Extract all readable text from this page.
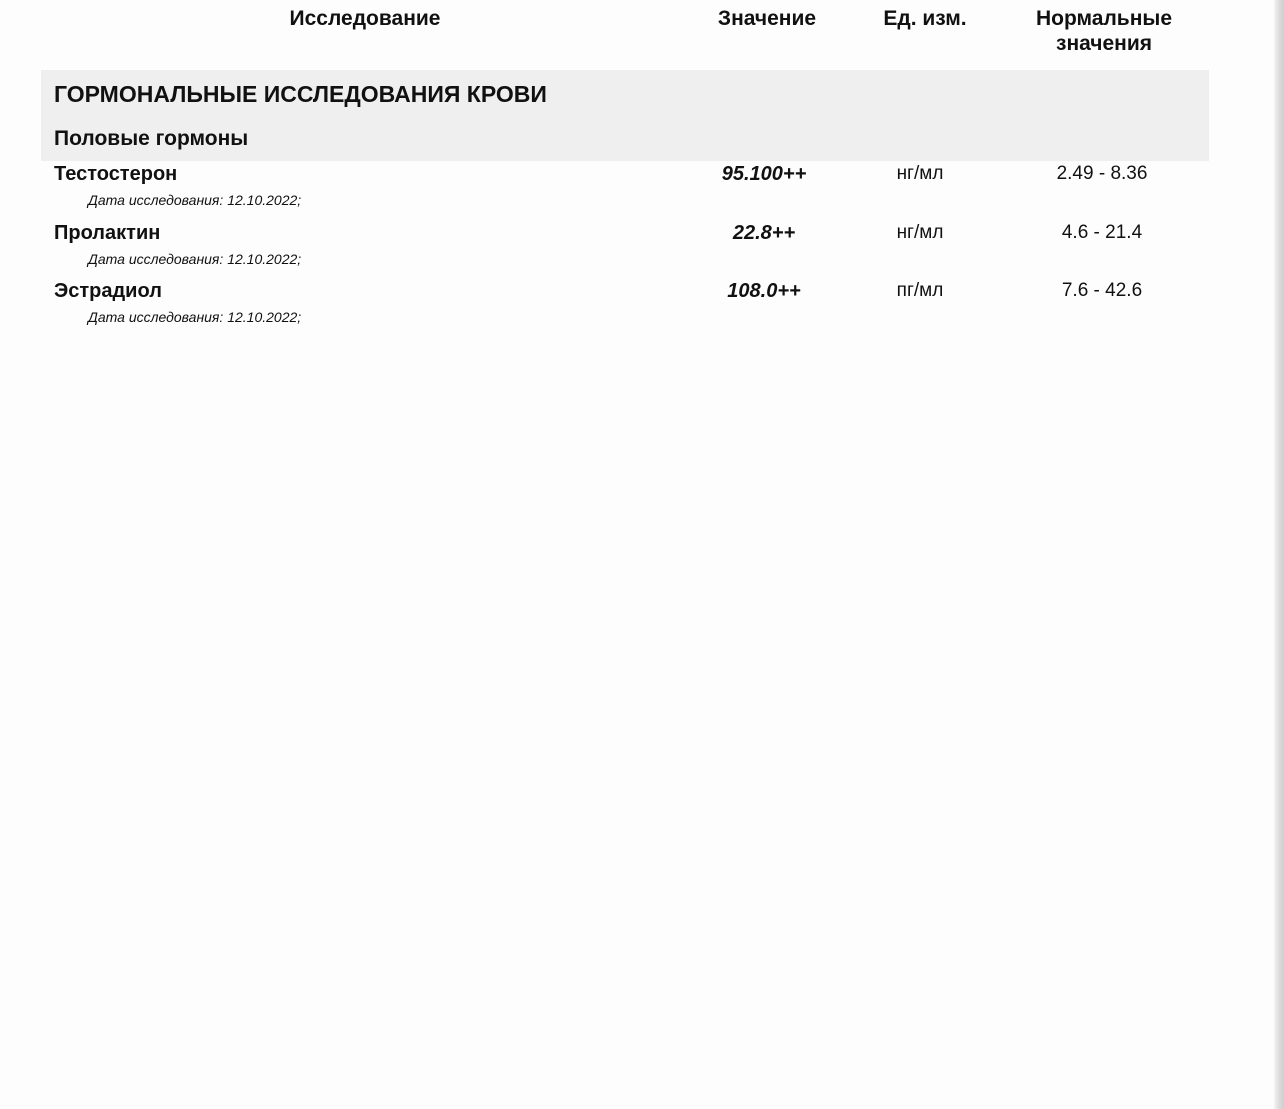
Исследование	Значение	Ед. изм.	Нормальные значения
ГОРМОНАЛЬНЫЕ ИССЛЕДОВАНИЯ КРОВИ
Половые гормоны
Тестостерон	95.100++	нг/мл	2.49 - 8.36
Дата исследования: 12.10.2022;
Пролактин	22.8++	нг/мл	4.6 - 21.4
Дата исследования: 12.10.2022;
Эстрадиол	108.0++	пг/мл	7.6 - 42.6
Дата исследования: 12.10.2022;
